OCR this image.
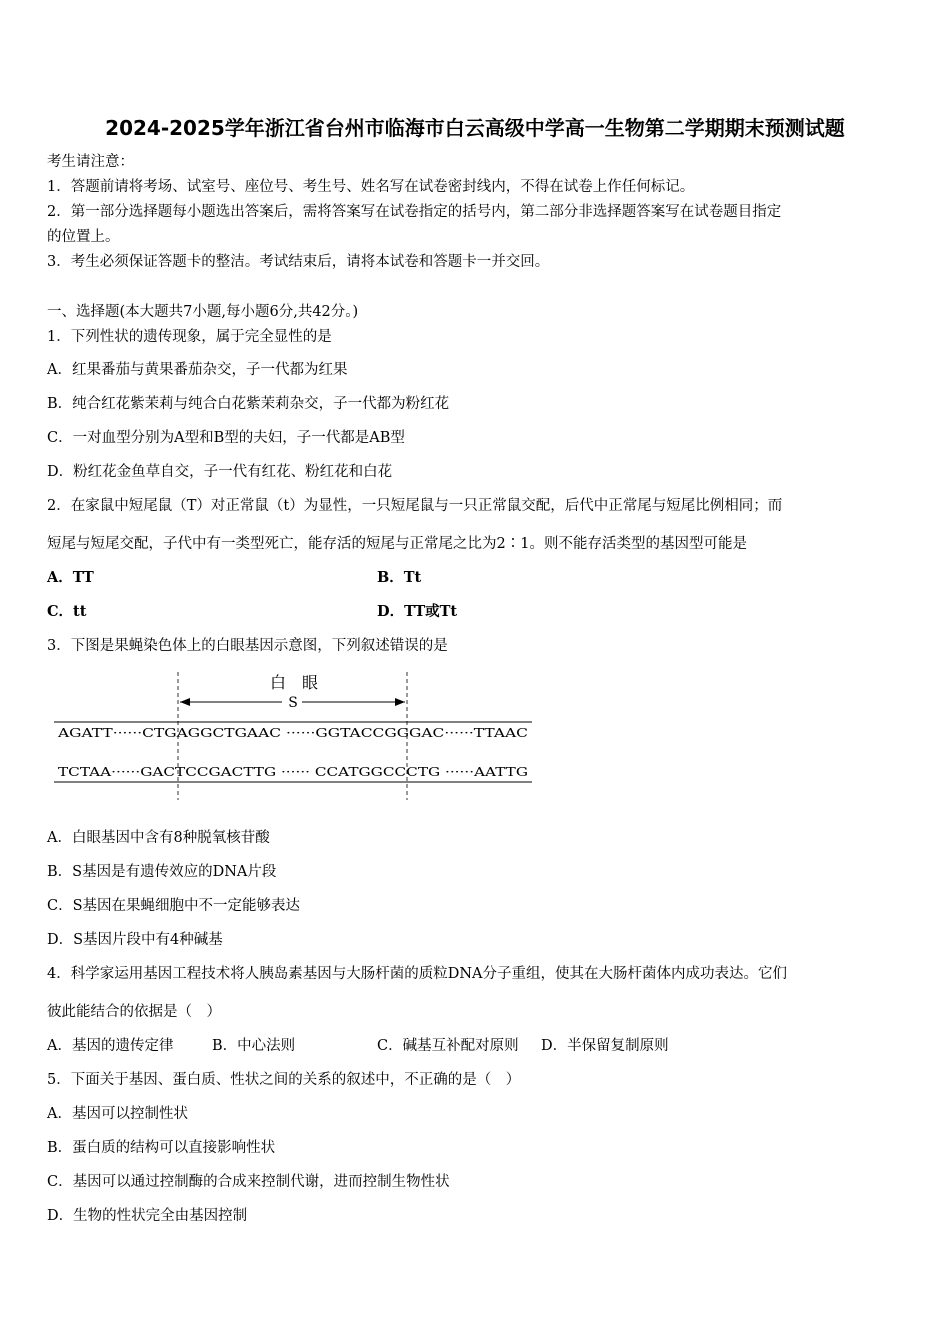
2024-2025学年浙江省台州市临海市白云高级中学高一生物第二学期期末预测试题
考生请注意：
1．答题前请将考场、试室号、座位号、考生号、姓名写在试卷密封线内，不得在试卷上作任何标记。
2．第一部分选择题每小题选出答案后，需将答案写在试卷指定的括号内，第二部分非选择题答案写在试卷题目指定
的位置上。
3．考生必须保证答题卡的整洁。考试结束后，请将本试卷和答题卡一并交回。
一、选择题(本大题共7小题,每小题6分,共42分。)
1．下列性状的遗传现象，属于完全显性的是
A．红果番茄与黄果番茄杂交，子一代都为红果
B．纯合红花紫茉莉与纯合白花紫茉莉杂交，子一代都为粉红花
C．一对血型分别为A型和B型的夫妇，子一代都是AB型
D．粉红花金鱼草自交，子一代有红花、粉红花和白花
2．在家鼠中短尾鼠（T）对正常鼠（t）为显性，一只短尾鼠与一只正常鼠交配，后代中正常尾与短尾比例相同；而
短尾与短尾交配，子代中有一类型死亡，能存活的短尾与正常尾之比为2∶1。则不能存活类型的基因型可能是
A．TT	B．Tt
C．tt	D．TT或Tt
3．下图是果蝇染色体上的白眼基因示意图，下列叙述错误的是
白　眼
S
AGATT······CTGAGGCTGAAC ······GGTACCGGGAC······TTAAC
TCTAA······GACTCCGACTTG ······ CCATGGCCCTG ······AATTG
A．白眼基因中含有8种脱氧核苷酸
B．S基因是有遗传效应的DNA片段
C．S基因在果蝇细胞中不一定能够表达
D．S基因片段中有4种碱基
4．科学家运用基因工程技术将人胰岛素基因与大肠杆菌的质粒DNA分子重组，使其在大肠杆菌体内成功表达。它们
彼此能结合的依据是（　）
A．基因的遗传定律	B．中心法则	C．碱基互补配对原则 D．半保留复制原则
5．下面关于基因、蛋白质、性状之间的关系的叙述中，不正确的是（　）
A．基因可以控制性状
B．蛋白质的结构可以直接影响性状
C．基因可以通过控制酶的合成来控制代谢，进而控制生物性状
D．生物的性状完全由基因控制
